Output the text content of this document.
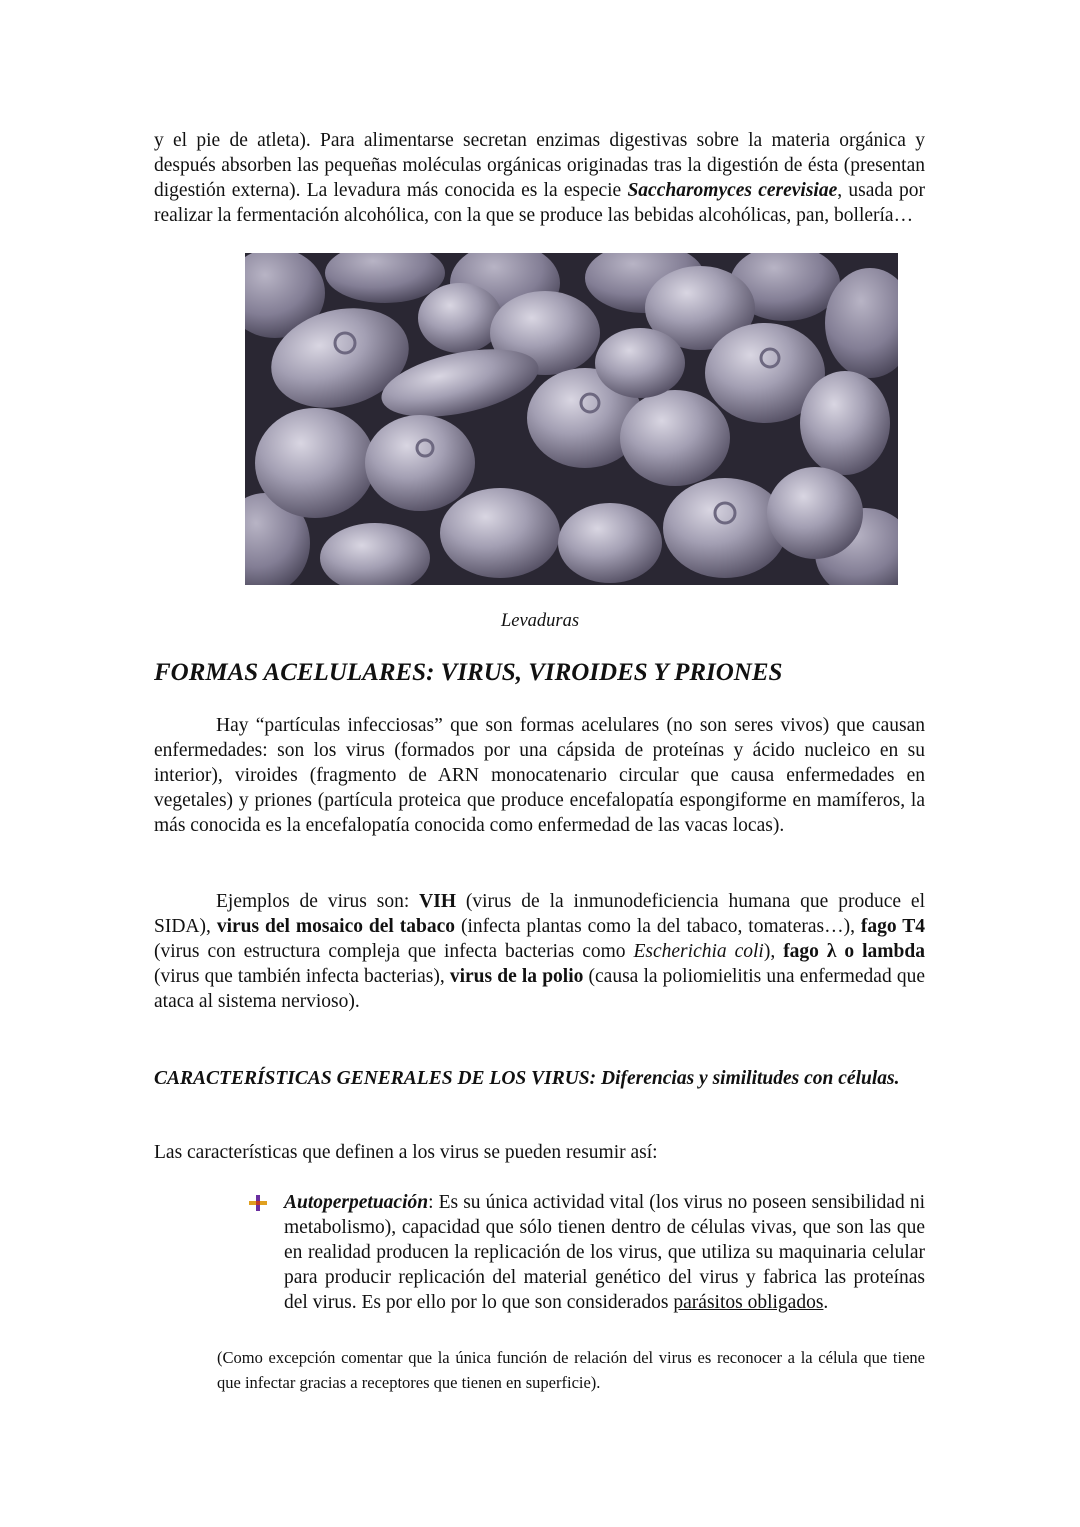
y el pie de atleta). Para alimentarse secretan enzimas digestivas sobre la materia orgánica y después absorben las pequeñas moléculas orgánicas originadas tras la digestión de ésta (presentan digestión externa). La levadura más conocida es la especie Saccharomyces cerevisiae, usada por realizar la fermentación alcohólica, con la que se produce las bebidas alcohólicas, pan, bollería…

Levaduras
FORMAS ACELULARES: VIRUS, VIROIDES Y PRIONES

Hay “partículas infecciosas” que son formas acelulares (no son seres vivos) que causan enfermedades: son los virus (formados por una cápsida de proteínas y ácido nucleico en su interior), viroides (fragmento de ARN monocatenario circular que causa enfermedades en vegetales) y priones (partícula proteica que produce encefalopatía espongiforme en mamíferos, la más conocida es la encefalopatía conocida como enfermedad de las vacas locas).

Ejemplos de virus son: VIH (virus de la inmunodeficiencia humana que produce el SIDA), virus del mosaico del tabaco (infecta plantas como la del tabaco, tomateras…), fago T4 (virus con estructura compleja que infecta bacterias como Escherichia coli), fago λ o lambda (virus que también infecta bacterias), virus de la polio (causa la poliomielitis una enfermedad que ataca al sistema nervioso).

CARACTERÍSTICAS GENERALES DE LOS VIRUS: Diferencias y similitudes con células.

Las características que definen a los virus se pueden resumir así:

Autoperpetuación: Es su única actividad vital (los virus no poseen sensibilidad ni metabolismo), capacidad que sólo tienen dentro de células vivas, que son las que en realidad producen la replicación de los virus, que utiliza su maquinaria celular para producir replicación del material genético del virus y fabrica las proteínas del virus. Es por ello por lo que son considerados parásitos obligados.

(Como excepción comentar que la única función de relación del virus es reconocer a la célula que tiene que infectar gracias a receptores que tienen en superficie).
